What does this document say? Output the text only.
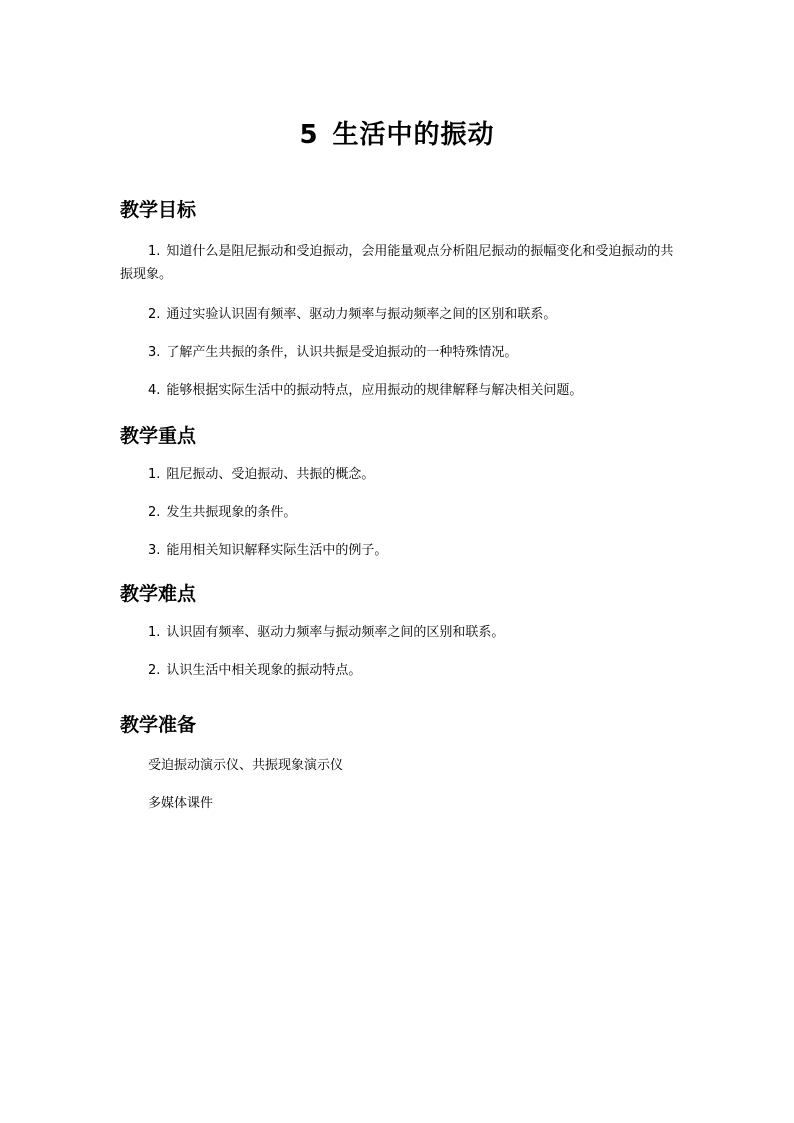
5 生活中的振动
教学目标
1. 知道什么是阻尼振动和受迫振动，会用能量观点分析阻尼振动的振幅变化和受迫振动的共振现象。
2. 通过实验认识固有频率、驱动力频率与振动频率之间的区别和联系。
3. 了解产生共振的条件，认识共振是受迫振动的一种特殊情况。
4. 能够根据实际生活中的振动特点，应用振动的规律解释与解决相关问题。
教学重点
1. 阻尼振动、受迫振动、共振的概念。
2. 发生共振现象的条件。
3. 能用相关知识解释实际生活中的例子。
教学难点
1. 认识固有频率、驱动力频率与振动频率之间的区别和联系。
2. 认识生活中相关现象的振动特点。
教学准备
受迫振动演示仪、共振现象演示仪
多媒体课件
